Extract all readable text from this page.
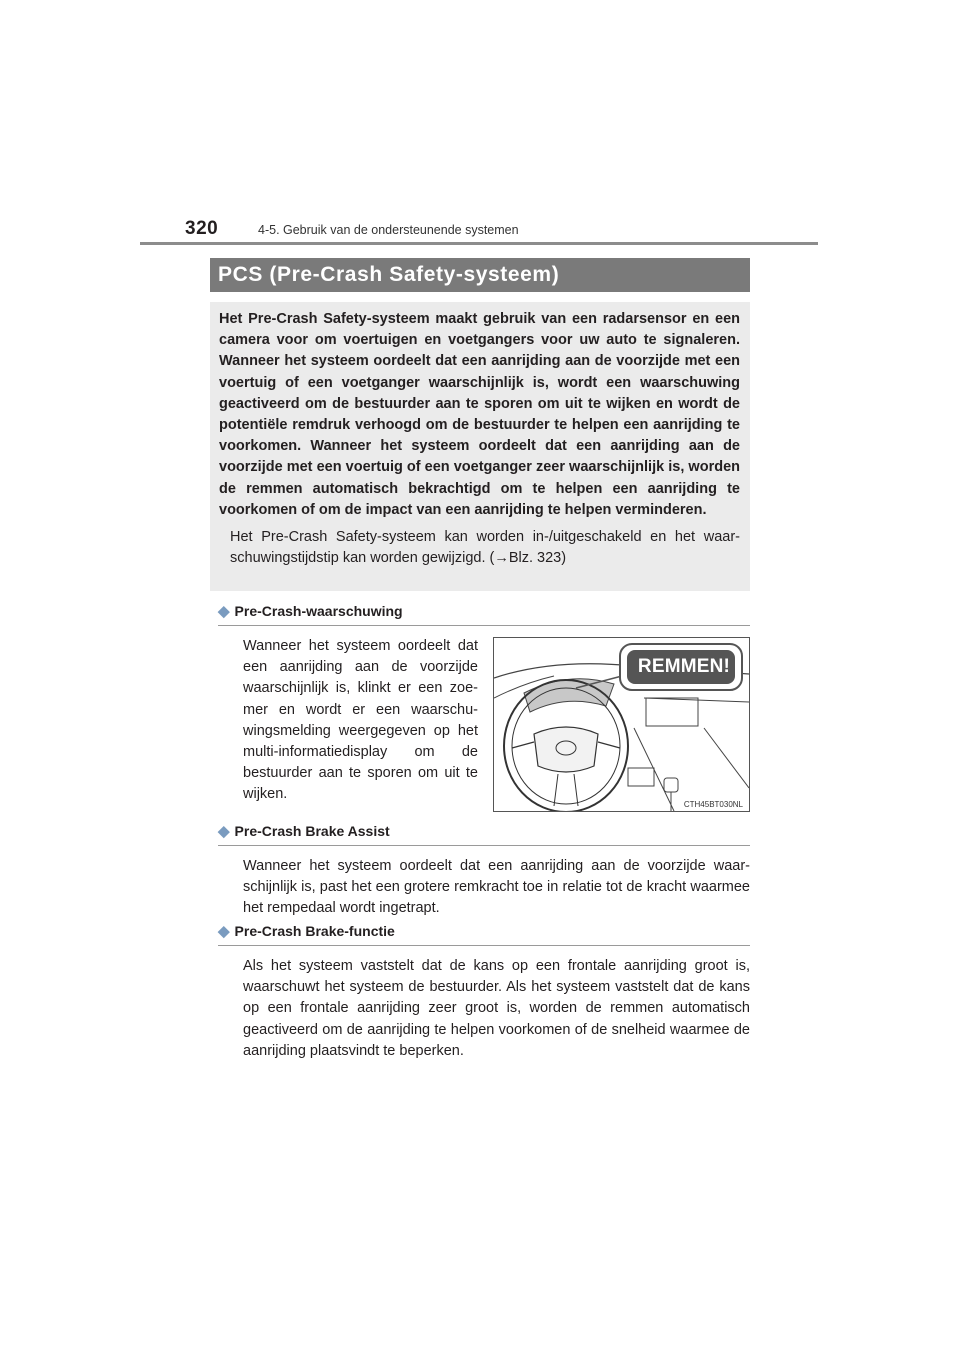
320	4-5. Gebruik van de ondersteunende systemen
PCS (Pre-Crash Safety-systeem)

Het Pre-Crash Safety-systeem maakt gebruik van een radarsensor en een camera voor om voertuigen en voetgangers voor uw auto te signaleren. Wanneer het systeem oordeelt dat een aanrijding aan de voorzijde met een voertuig of een voetganger waarschijnlijk is, wordt een waarschuwing geactiveerd om de bestuurder aan te sporen om uit te wijken en wordt de potentiële remdruk verhoogd om de bestuurder te helpen een aanrijding te voorkomen. Wanneer het systeem oordeelt dat een aanrijding aan de voorzijde met een voertuig of een voetganger zeer waarschijnlijk is, worden de remmen automatisch bekrachtigd om te helpen een aanrijding te voorkomen of om de impact van een aanrijding te helpen verminderen.

Het Pre-Crash Safety-systeem kan worden in-/uitgeschakeld en het waarschuwingstijdstip kan worden gewijzigd. (→Blz. 323)

◆ Pre-Crash-waarschuwing

Wanneer het systeem oordeelt dat een aanrijding aan de voorzijde waarschijnlijk is, klinkt er een zoemer en wordt er een waarschuwingsmelding weergegeven op het multi-informatiedisplay om de bestuurder aan te sporen om uit te wijken.

CTH45BT030NL
REMMEN!
◆ Pre-Crash Brake Assist

Wanneer het systeem oordeelt dat een aanrijding aan de voorzijde waarschijnlijk is, past het een grotere remkracht toe in relatie tot de kracht waarmee het rempedaal wordt ingetrapt.

◆ Pre-Crash Brake-functie

Als het systeem vaststelt dat de kans op een frontale aanrijding groot is, waarschuwt het systeem de bestuurder. Als het systeem vaststelt dat de kans op een frontale aanrijding zeer groot is, worden de remmen automatisch geactiveerd om de aanrijding te helpen voorkomen of de snelheid waarmee de aanrijding plaatsvindt te beperken.
